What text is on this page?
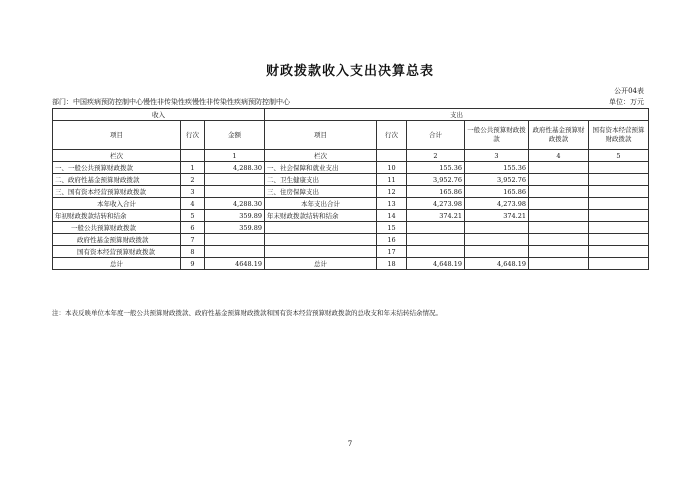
财政拨款收入支出决算总表
公开04表
部门：中国疾病预防控制中心慢性非传染性疾慢性非传染性疾病预防控制中心	单位：万元
收入			支出					
项目	行次	金额	项目	行次	合计	一般公共预算财政拨款	政府性基金预算财政拨款	国有资本经营预算财政拨款
栏次		1	栏次		2	3	4	5
一、一般公共预算财政拨款	1	4,288.30	一、社会保障和就业支出	10	155.36	155.36		
二、政府性基金预算财政拨款	2		二、卫生健康支出	11	3,952.76	3,952.76		
三、国有资本经营预算财政拨款	3		三、住房保障支出	12	165.86	165.86		
本年收入合计	4	4,288.30	本年支出合计	13	4,273.98	4,273.98		
年初财政拨款结转和结余	5	359.89	年末财政拨款结转和结余	14	374.21	374.21		
一般公共预算财政拨款	6	359.89		15				
政府性基金预算财政拨款	7			16				
国有资本经营预算财政拨款	8			17				
总计	9	4648.19	总计	18	4,648.19	4,648.19		
注：本表反映单位本年度一般公共预算财政拨款、政府性基金预算财政拨款和国有资本经营预算财政拨款的总收支和年末结转结余情况。
7
